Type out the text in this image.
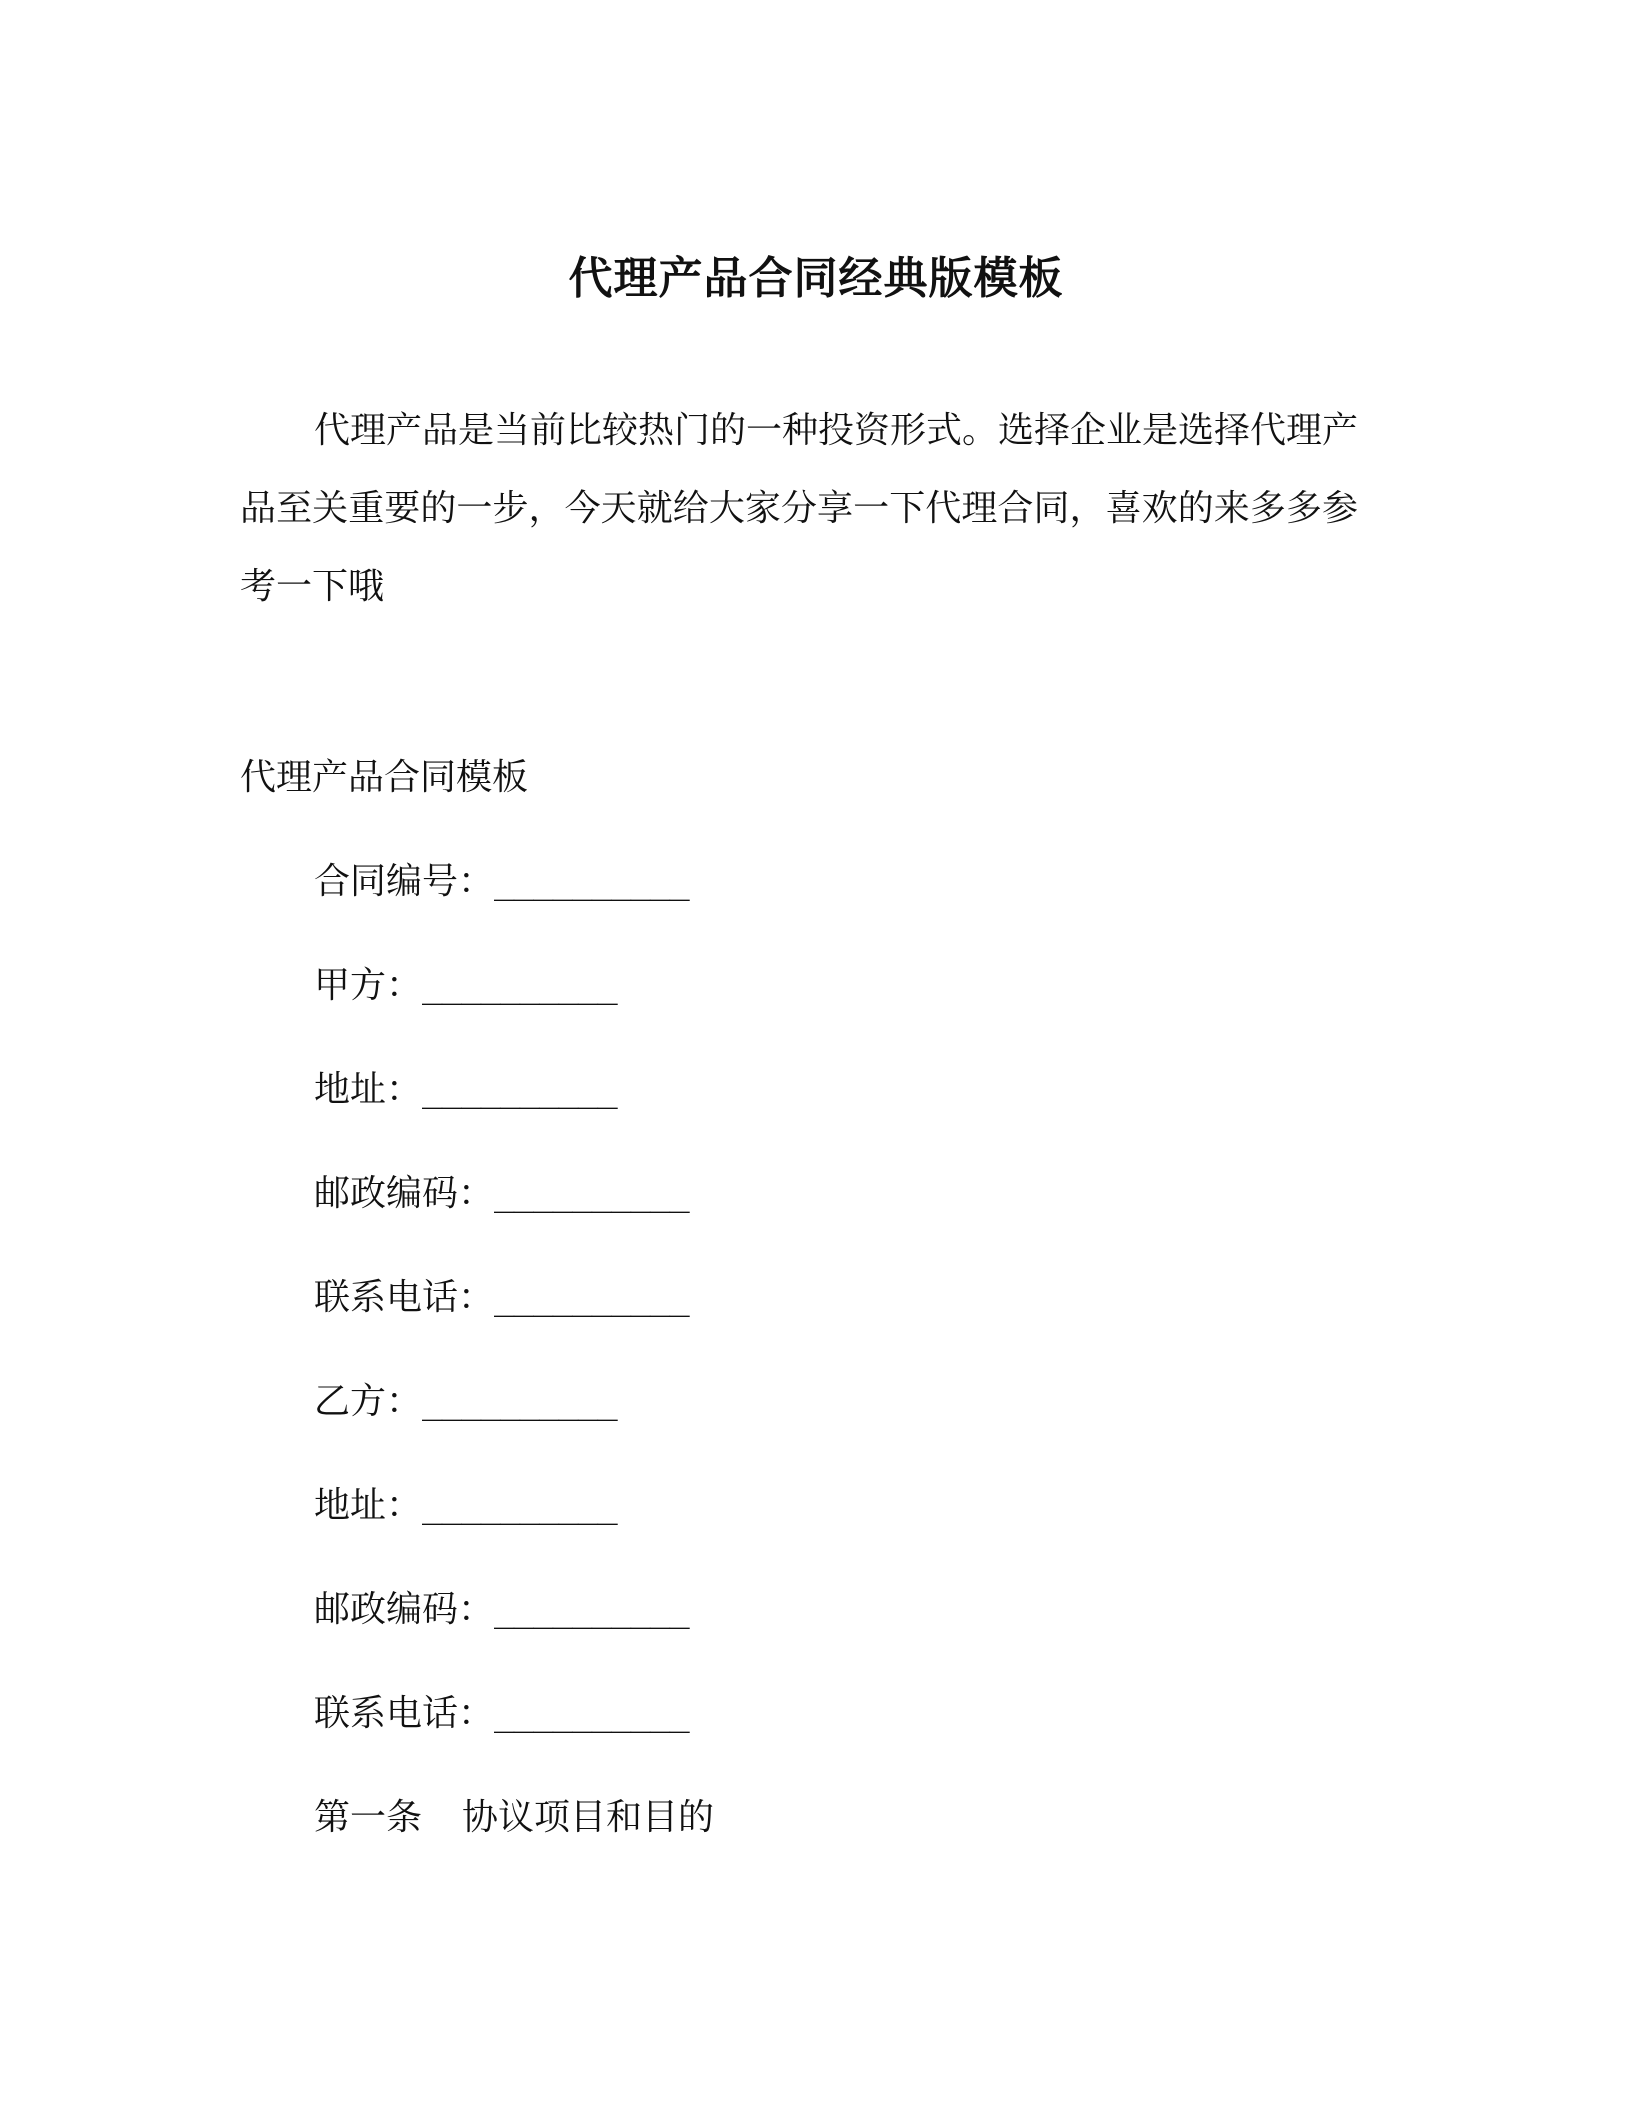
代理产品合同经典版模板

代理产品是当前比较热门的一种投资形式。选择企业是选择代理产品至关重要的一步，今天就给大家分享一下代理合同，喜欢的来多多参考一下哦

代理产品合同模板
合同编号：__________
甲方：__________
地址：__________
邮政编码：__________
联系电话：__________
乙方：__________
地址：__________
邮政编码：__________
联系电话：__________
第一条 协议项目和目的
